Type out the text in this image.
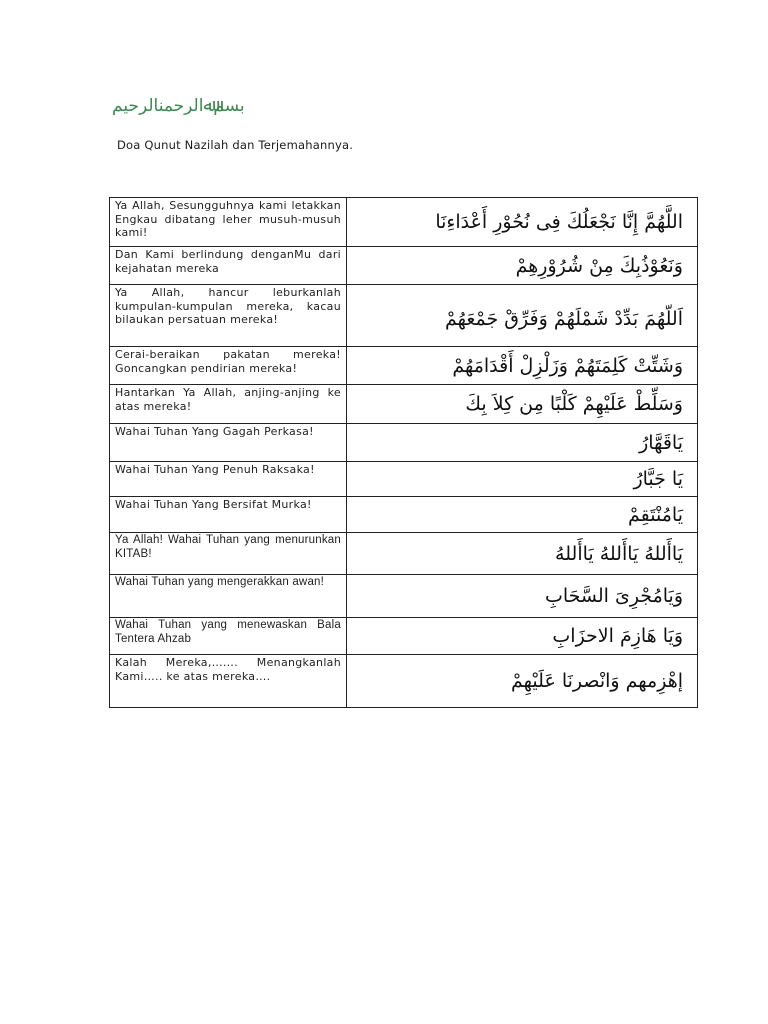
بسمﷲالرحمنالرحيم
Doa Qunut Nazilah dan Terjemahannya.
Ya Allah, Sesungguhnya kami letakkan Engkau dibatang leher musuh-musuh kami!	اللَّهُمَّ إِنَّا نَجْعَلُكَ فِى نُحُوْرِ أَعْدَاءِنَا
Dan Kami berlindung denganMu dari kejahatan mereka	وَنَعُوْذُبِكَ مِنْ شُرُوْرِهِمْ
Ya Allah, hancur leburkanlah kumpulan-kumpulan mereka, kacau bilaukan persatuan mereka!	اَللّهُمَ بَدِّدْ شَمْلَهُمْ وَفَرِّقْ جَمْعَهُمْ
Cerai-beraikan pakatan mereka! Goncangkan pendirian mereka!	وَشَتِّتْ كَلِمَتَهُمْ وَزَلْزِلْ أَقْدَامَهُمْ
Hantarkan Ya Allah, anjing-anjing ke atas mereka!	وَسَلِّطْ عَلَيْهِمْ كَلْبًا مِن كِلاَ بِكَ
Wahai Tuhan Yang Gagah Perkasa!	يَاقَهَّارُ
Wahai Tuhan Yang Penuh Raksaka!	يَا جَبَّارُ
Wahai Tuhan Yang Bersifat Murka!	يَامُنْتَقِمْ
Ya Allah! Wahai Tuhan yang menurunkan KITAB!	يَاأَللهُ يَاأَللهُ يَاأَللهُ
Wahai Tuhan yang mengerakkan awan!	وَيَامُجْرِىَ السَّحَابِ
Wahai Tuhan yang menewaskan Bala Tentera Ahzab	وَيَا هَازِمَ الاحزَابِ
Kalah Mereka,……. Menangkanlah Kami….. ke atas mereka….	إهْزِمهم وَانْصرنَا عَلَيْهِمْ
